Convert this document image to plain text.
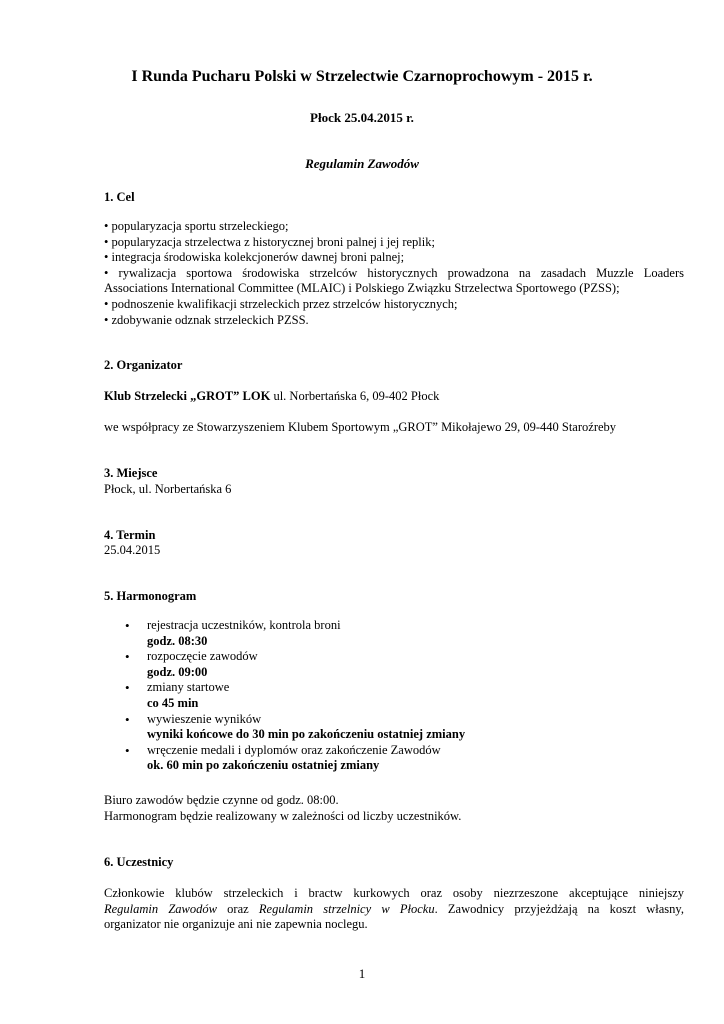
I Runda Pucharu Polski w Strzelectwie Czarnoprochowym - 2015 r.
Płock 25.04.2015 r.
Regulamin Zawodów
1. Cel
• popularyzacja sportu strzeleckiego;
• popularyzacja strzelectwa z historycznej broni palnej i jej replik;
• integracja środowiska kolekcjonerów dawnej broni palnej;
• rywalizacja sportowa środowiska strzelców historycznych prowadzona na zasadach Muzzle Loaders
Associations International Committee (MLAIC) i Polskiego Związku Strzelectwa Sportowego (PZSS);
• podnoszenie kwalifikacji strzeleckich przez strzelców historycznych;
• zdobywanie odznak strzeleckich PZSS.
2. Organizator
Klub Strzelecki „GROT” LOK ul. Norbertańska 6, 09-402 Płock
we współpracy ze Stowarzyszeniem Klubem Sportowym „GROT” Mikołajewo 29, 09-440 Staroźreby
3. Miejsce
Płock, ul. Norbertańska 6
4. Termin
25.04.2015
5. Harmonogram
• rejestracja uczestników, kontrola broni
godz. 08:30
• rozpoczęcie zawodów
godz. 09:00
• zmiany startowe
co 45 min
• wywieszenie wyników
wyniki końcowe do 30 min po zakończeniu ostatniej zmiany
• wręczenie medali i dyplomów oraz zakończenie Zawodów
ok. 60 min po zakończeniu ostatniej zmiany
Biuro zawodów będzie czynne od godz. 08:00.
Harmonogram będzie realizowany w zależności od liczby uczestników.
6. Uczestnicy
Członkowie klubów strzeleckich i bractw kurkowych oraz osoby niezrzeszone akceptujące niniejszy
Regulamin Zawodów oraz Regulamin strzelnicy w Płocku. Zawodnicy przyjeżdżają na koszt własny,
organizator nie organizuje ani nie zapewnia noclegu.
1
